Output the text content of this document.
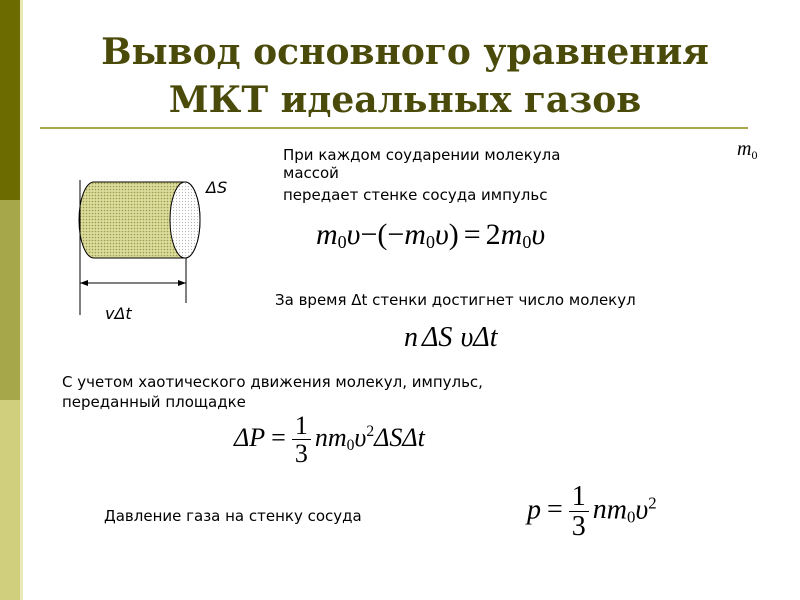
Вывод основного уравнения
МКТ идеальных газов
ΔS
vΔt
При каждом соударении молекула
массой
передает стенке сосуда импульс
$m_0$
$m_0\upsilon-(-m_0\upsilon) = 2m_0\upsilon$
За время Δt стенки достигнет число молекул
n ΔS υΔt
С учетом хаотического движения молекул, импульс,
переданный площадке
$\Delta P = \frac{1}{3} nm_0\upsilon^2\Delta S\Delta t$
Давление газа на стенку сосуда	$p = \frac{1}{3} nm_0\upsilon^2$
